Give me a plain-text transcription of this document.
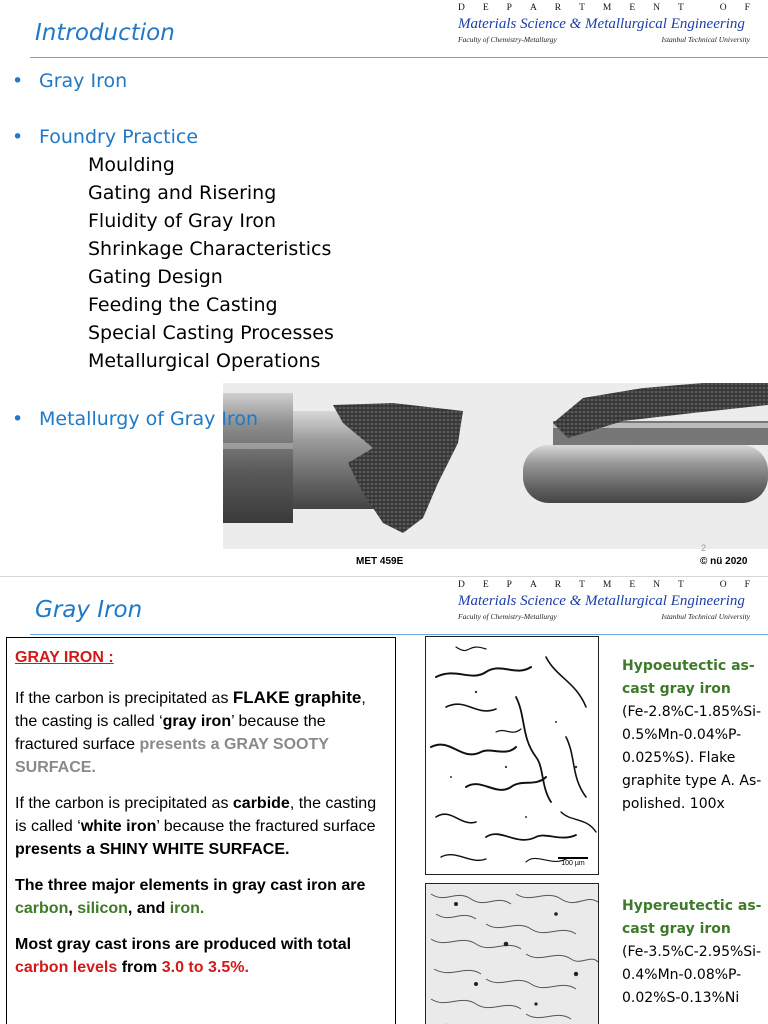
Introduction
D E P A R T M E N T	O F
Materials Science & Metallurgical Engineering
Faculty of Chemistry-Metallurgy	Istanbul Technical University
• Gray Iron
• Foundry Practice
Moulding
Gating and Risering
Fluidity of Gray Iron
Shrinkage Characteristics
Gating Design
Feeding the Casting
Special Casting Processes
Metallurgical Operations
• Metallurgy of Gray Iron
2
MET 459E	© nü 2020
Gray Iron
D E P A R T M E N T	O F
Materials Science & Metallurgical Engineering
Faculty of Chemistry-Metallurgy	Istanbul Technical University

GRAY IRON :

If the carbon is precipitated as FLAKE graphite, the casting is called ‘gray iron’ because the fractured surface presents a GRAY SOOTY SURFACE.

If the carbon is precipitated as carbide, the casting is called ‘white iron’ because the fractured surface presents a SHINY WHITE SURFACE.

The three major elements in gray cast iron are carbon, silicon, and iron.

Most gray cast irons are produced with total carbon levels from 3.0 to 3.5%.

100 µm
Hypoeutectic as-cast gray iron
(Fe-2.8%C-1.85%Si-0.5%Mn-0.04%P-0.025%S). Flake graphite type A. As-polished. 100x
Hypereutectic as-cast gray iron
(Fe-3.5%C-2.95%Si-0.4%Mn-0.08%P-0.02%S-0.13%Ni
